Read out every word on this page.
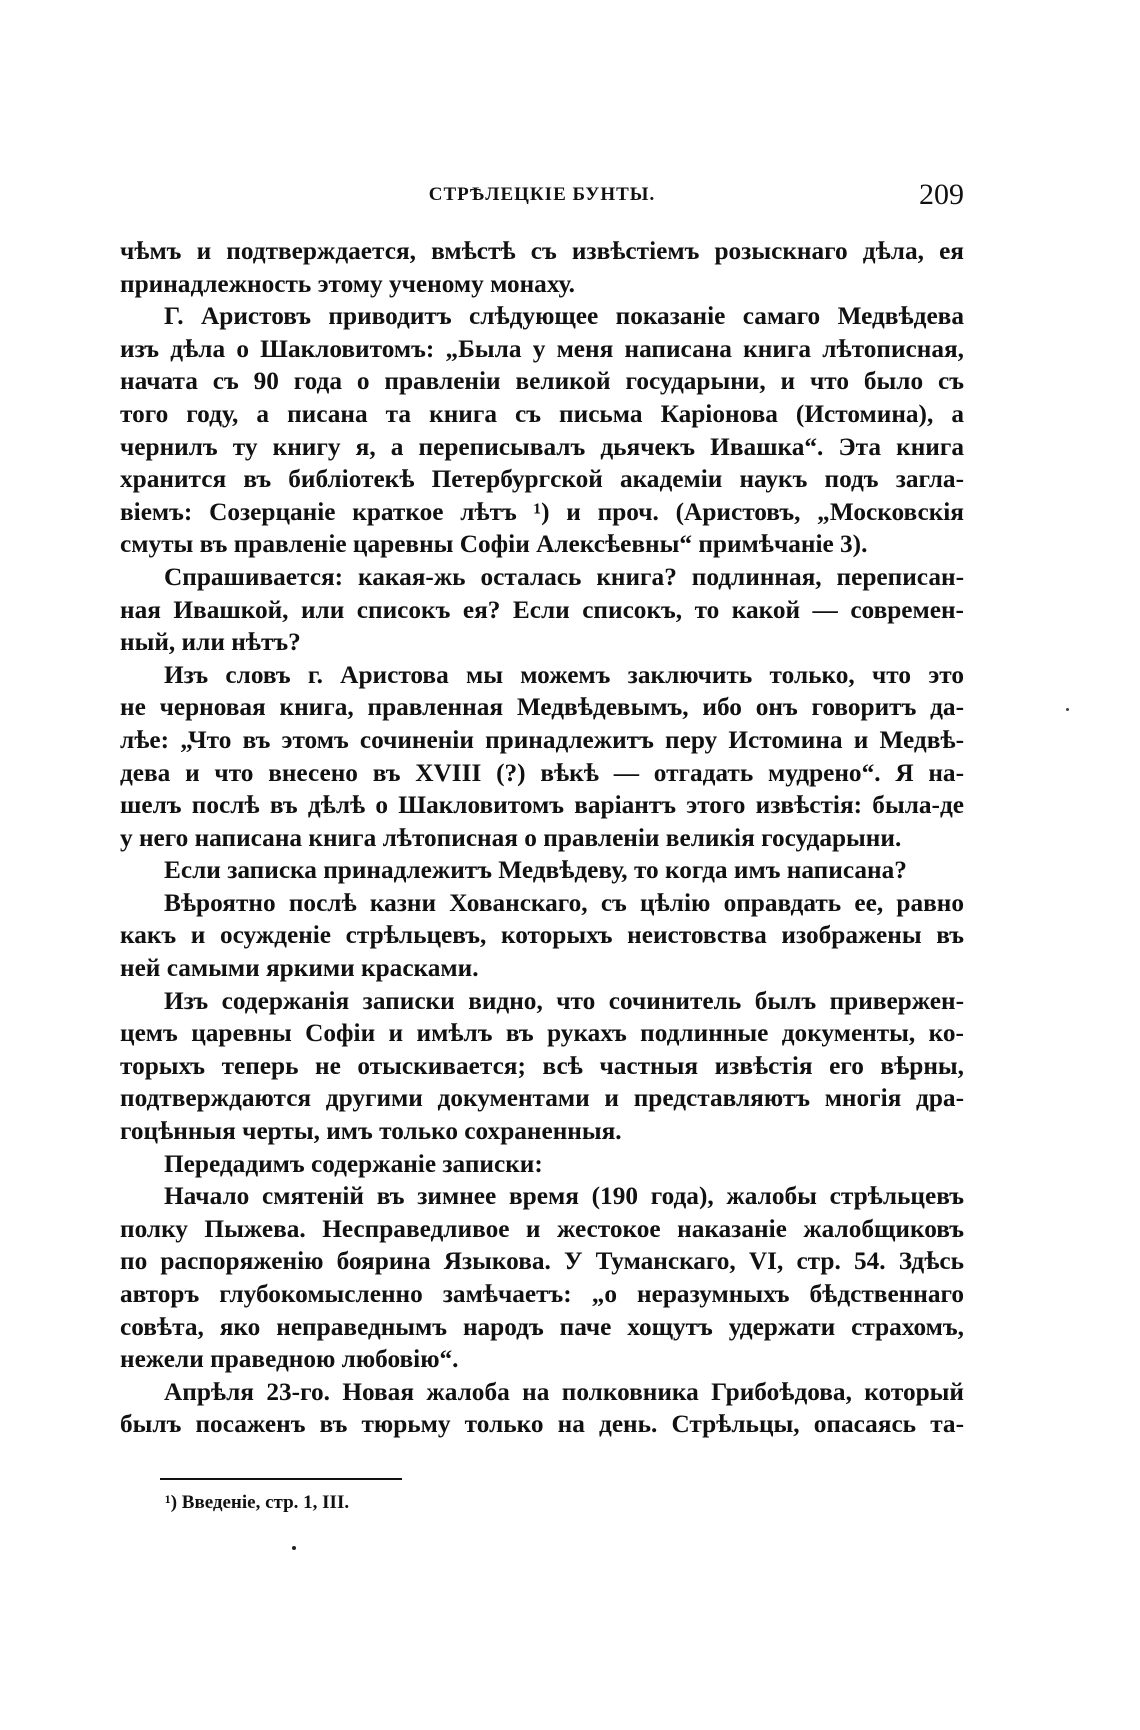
СТРѢЛЕЦКІЕ БУНТЫ.	209
чѣмъ и подтверждается, вмѣстѣ съ извѣстіемъ розыскнаго дѣла, ея
принадлежность этому ученому монаху.
Г. Аристовъ приводитъ слѣдующее показаніе самаго Медвѣдева
изъ дѣла о Шакловитомъ: „Была у меня написана книга лѣтописная,
начата съ 90 года о правленіи великой государыни, и что было съ
того году, а писана та книга съ письма Каріонова (Истомина), а
чернилъ ту книгу я, а переписывалъ дьячекъ Ивашка“. Эта книга
хранится въ библіотекѣ Петербургской академіи наукъ подъ загла-
віемъ: Созерцаніе краткое лѣтъ ¹) и проч. (Аристовъ, „Московскія
смуты въ правленіе царевны Софіи Алексѣевны“ примѣчаніе 3).
Спрашивается: какая-жь осталась книга? подлинная, переписан-
ная Ивашкой, или списокъ ея? Если списокъ, то какой — современ-
ный, или нѣтъ?
Изъ словъ г. Аристова мы можемъ заключить только, что это
не черновая книга, правленная Медвѣдевымъ, ибо онъ говоритъ да-
лѣе: „Что въ этомъ сочиненіи принадлежитъ перу Истомина и Медвѣ-
дева и что внесено въ XVIII (?) вѣкѣ — отгадать мудрено“. Я на-
шелъ послѣ въ дѣлѣ о Шакловитомъ варіантъ этого извѣстія: была-де
у него написана книга лѣтописная о правленіи великія государыни.
Если записка принадлежитъ Медвѣдеву, то когда имъ написана?
Вѣроятно послѣ казни Хованскаго, съ цѣлію оправдать ее, равно
какъ и осужденіе стрѣльцевъ, которыхъ неистовства изображены въ
ней самыми яркими красками.
Изъ содержанія записки видно, что сочинитель былъ привержен-
цемъ царевны Софіи и имѣлъ въ рукахъ подлинные документы, ко-
торыхъ теперь не отыскивается; всѣ частныя извѣстія его вѣрны,
подтверждаются другими документами и представляютъ многія дра-
гоцѣнныя черты, имъ только сохраненныя.
Передадимъ содержаніе записки:
Начало смятеній въ зимнее время (190 года), жалобы стрѣльцевъ
полку Пыжева. Несправедливое и жестокое наказаніе жалобщиковъ
по распоряженію боярина Языкова. У Туманскаго, VI, стр. 54. Здѣсь
авторъ глубокомысленно замѣчаетъ: „о неразумныхъ бѣдственнаго
совѣта, яко неправеднымъ народъ паче хощутъ удержати страхомъ,
нежели праведною любовію“.
Апрѣля 23-го. Новая жалоба на полковника Грибоѣдова, который
былъ посаженъ въ тюрьму только на день. Стрѣльцы, опасаясь та-
¹) Введеніе, стр. 1, III.
